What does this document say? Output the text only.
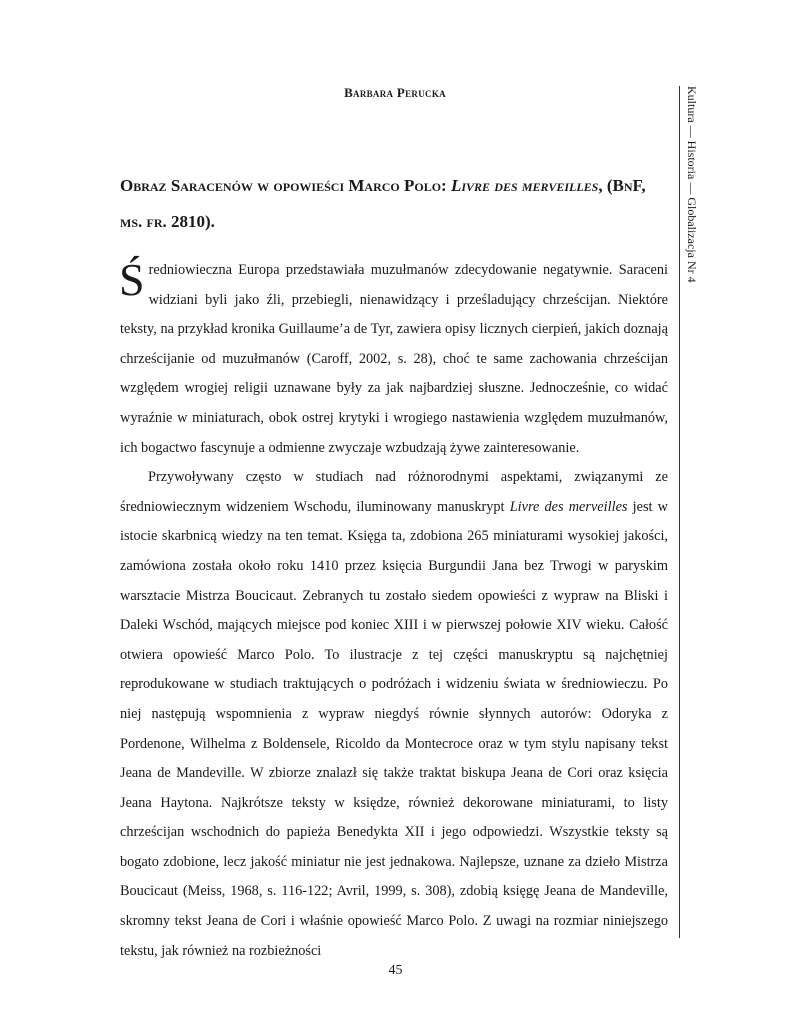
Barbara Perucka
Obraz Saracenów w opowieści Marco Polo: Livre des merveilles, (BnF, ms. fr. 2810).

Średniowieczna Europa przedstawiała muzułmanów zdecydowanie negatywnie. Saraceni widziani byli jako źli, przebiegli, nienawidzący i prześladujący chrześcijan. Niektóre teksty, na przykład kronika Guillaume’a de Tyr, zawiera opisy licznych cierpień, jakich doznają chrześcijanie od muzułmanów (Caroff, 2002, s. 28), choć te same zachowania chrześcijan względem wrogiej religii uznawane były za jak najbardziej słuszne. Jednocześnie, co widać wyraźnie w miniaturach, obok ostrej krytyki i wrogiego nastawienia względem muzułmanów, ich bogactwo fascynuje a odmienne zwyczaje wzbudzają żywe zainteresowanie.

Przywoływany często w studiach nad różnorodnymi aspektami, związanymi ze średniowiecznym widzeniem Wschodu, iluminowany manuskrypt Livre des merveilles jest w istocie skarbnicą wiedzy na ten temat. Księga ta, zdobiona 265 miniaturami wysokiej jakości, zamówiona została około roku 1410 przez księcia Burgundii Jana bez Trwogi w paryskim warsztacie Mistrza Boucicaut. Zebranych tu zostało siedem opowieści z wypraw na Bliski i Daleki Wschód, mających miejsce pod koniec XIII i w pierwszej połowie XIV wieku. Całość otwiera opowieść Marco Polo. To ilustracje z tej części manuskryptu są najchętniej reprodukowane w studiach traktujących o podróżach i widzeniu świata w średniowieczu. Po niej następują wspomnienia z wypraw niegdyś równie słynnych autorów: Odoryka z Pordenone, Wilhelma z Boldensele, Ricoldo da Montecroce oraz w tym stylu napisany tekst Jeana de Mandeville. W zbiorze znalazł się także traktat biskupa Jeana de Cori oraz księcia Jeana Haytona. Najkrótsze teksty w księdze, również dekorowane miniaturami, to listy chrześcijan wschodnich do papieża Benedykta XII i jego odpowiedzi. Wszystkie teksty są bogato zdobione, lecz jakość miniatur nie jest jednakowa. Najlepsze, uznane za dzieło Mistrza Boucicaut (Meiss, 1968, s. 116-122; Avril, 1999, s. 308), zdobią księgę Jeana de Mandeville, skromny tekst Jeana de Cori i właśnie opowieść Marco Polo. Z uwagi na rozmiar niniejszego tekstu, jak również na rozbieżności

Kultura — Historia — Globalizacja Nr 4
45
